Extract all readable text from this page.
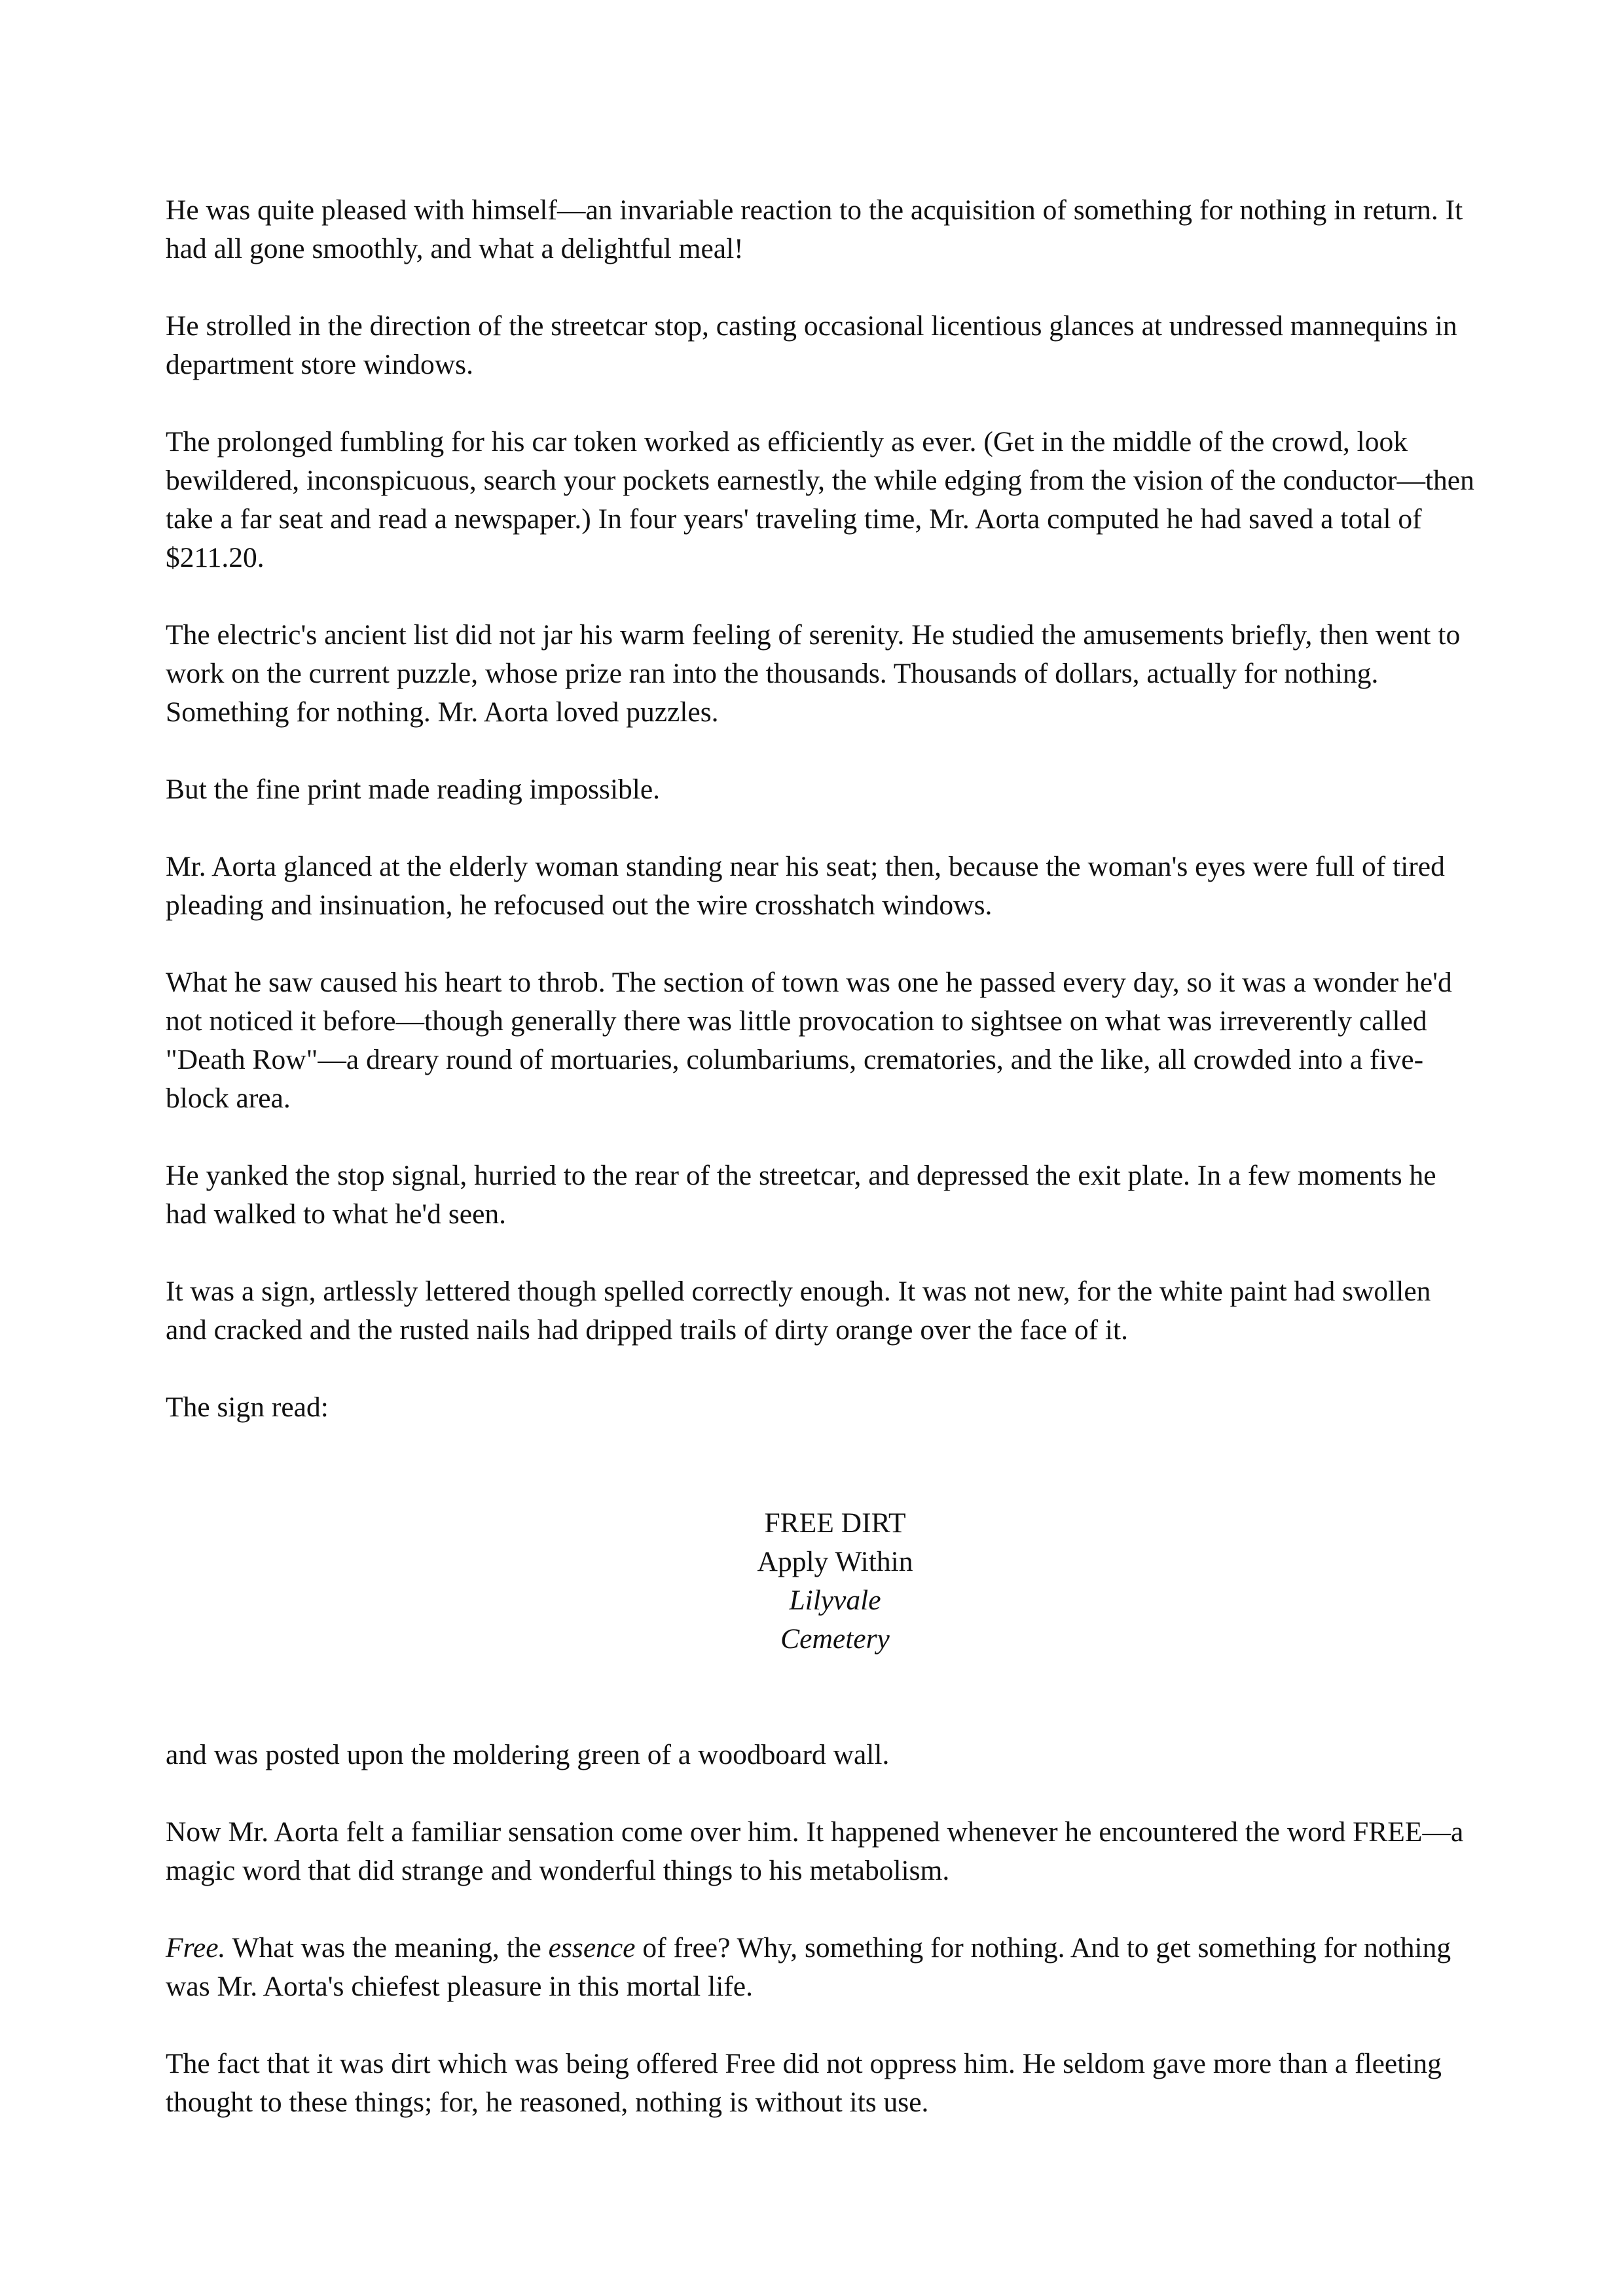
He was quite pleased with himself—an invariable reaction to the acquisition of something for nothing in return. It had all gone smoothly, and what a delightful meal!

He strolled in the direction of the streetcar stop, casting occasional licentious glances at undressed mannequins in department store windows.

The prolonged fumbling for his car token worked as efficiently as ever. (Get in the middle of the crowd, look bewildered, inconspicuous, search your pockets earnestly, the while edging from the vision of the conductor—then take a far seat and read a newspaper.) In four years' traveling time, Mr. Aorta computed he had saved a total of $211.20.

The electric's ancient list did not jar his warm feeling of serenity. He studied the amusements briefly, then went to work on the current puzzle, whose prize ran into the thousands. Thousands of dollars, actually for nothing. Something for nothing. Mr. Aorta loved puzzles.

But the fine print made reading impossible.

Mr. Aorta glanced at the elderly woman standing near his seat; then, because the woman's eyes were full of tired pleading and insinuation, he refocused out the wire crosshatch windows.

What he saw caused his heart to throb. The section of town was one he passed every day, so it was a wonder he'd not noticed it before—though generally there was little provocation to sightsee on what was irreverently called "Death Row"—a dreary round of mortuaries, columbariums, crematories, and the like, all crowded into a five-block area.

He yanked the stop signal, hurried to the rear of the streetcar, and depressed the exit plate. In a few moments he had walked to what he'd seen.

It was a sign, artlessly lettered though spelled correctly enough. It was not new, for the white paint had swollen and cracked and the rusted nails had dripped trails of dirty orange over the face of it.

The sign read:

FREE DIRT
Apply Within
Lilyvale
Cemetery

and was posted upon the moldering green of a woodboard wall.

Now Mr. Aorta felt a familiar sensation come over him. It happened whenever he encountered the word FREE—a magic word that did strange and wonderful things to his metabolism.

Free. What was the meaning, the essence of free? Why, something for nothing. And to get something for nothing was Mr. Aorta's chiefest pleasure in this mortal life.

The fact that it was dirt which was being offered Free did not oppress him. He seldom gave more than a fleeting thought to these things; for, he reasoned, nothing is without its use.
